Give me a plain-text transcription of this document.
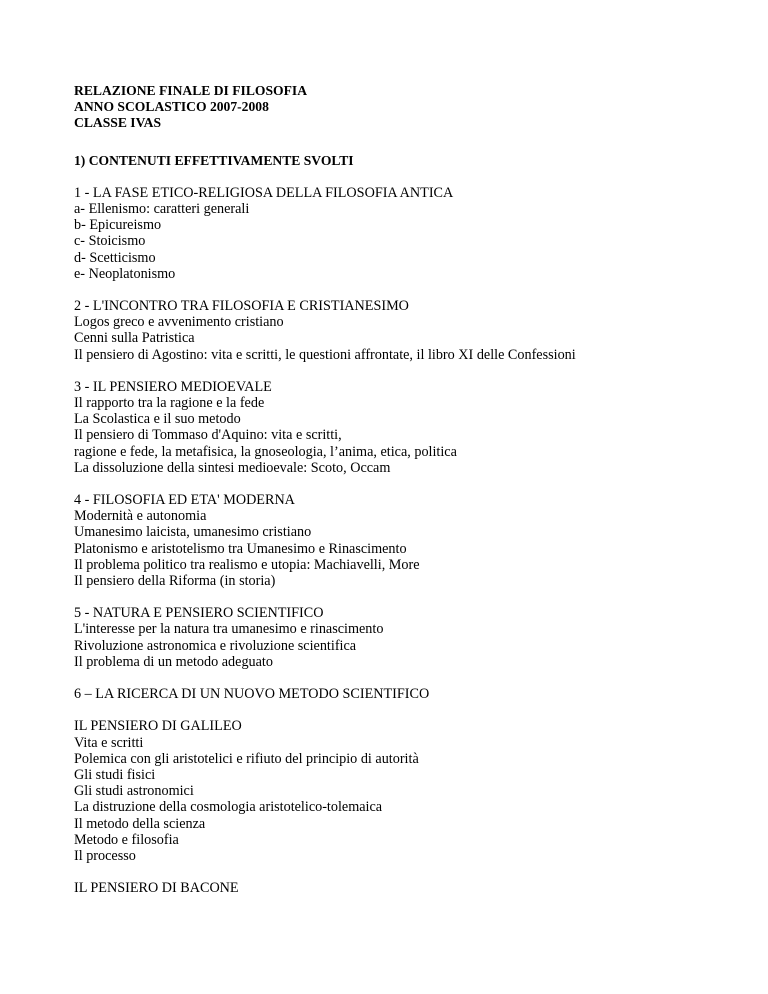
RELAZIONE FINALE DI FILOSOFIA
ANNO SCOLASTICO 2007-2008
CLASSE IVAS
1) CONTENUTI EFFETTIVAMENTE SVOLTI
1 - LA FASE ETICO-RELIGIOSA DELLA FILOSOFIA ANTICA
a- Ellenismo: caratteri generali
b- Epicureismo
c- Stoicismo
d- Scetticismo
e- Neoplatonismo
2 - L'INCONTRO TRA FILOSOFIA E CRISTIANESIMO
Logos greco e avvenimento cristiano
Cenni sulla Patristica
Il pensiero di Agostino: vita e scritti, le questioni affrontate, il libro XI delle Confessioni
3 - IL PENSIERO MEDIOEVALE
Il rapporto tra la ragione e la fede
La Scolastica e il suo metodo
Il pensiero di Tommaso d'Aquino: vita e scritti,
ragione e fede, la metafisica, la gnoseologia, l’anima, etica, politica
La dissoluzione della sintesi medioevale: Scoto, Occam
4 - FILOSOFIA ED ETA' MODERNA
Modernità e autonomia
Umanesimo laicista, umanesimo cristiano
Platonismo e aristotelismo tra Umanesimo e Rinascimento
Il problema politico tra realismo e utopia: Machiavelli, More
Il pensiero della Riforma (in storia)
5 - NATURA E PENSIERO SCIENTIFICO
L'interesse per la natura tra umanesimo e rinascimento
Rivoluzione astronomica e rivoluzione scientifica
Il problema di un metodo adeguato
6 – LA RICERCA DI UN NUOVO METODO SCIENTIFICO
IL PENSIERO DI GALILEO
Vita e scritti
Polemica con gli aristotelici e rifiuto del principio di autorità
Gli studi fisici
Gli studi astronomici
La distruzione della cosmologia aristotelico-tolemaica
Il metodo della scienza
Metodo e filosofia
Il processo
IL PENSIERO DI BACONE
